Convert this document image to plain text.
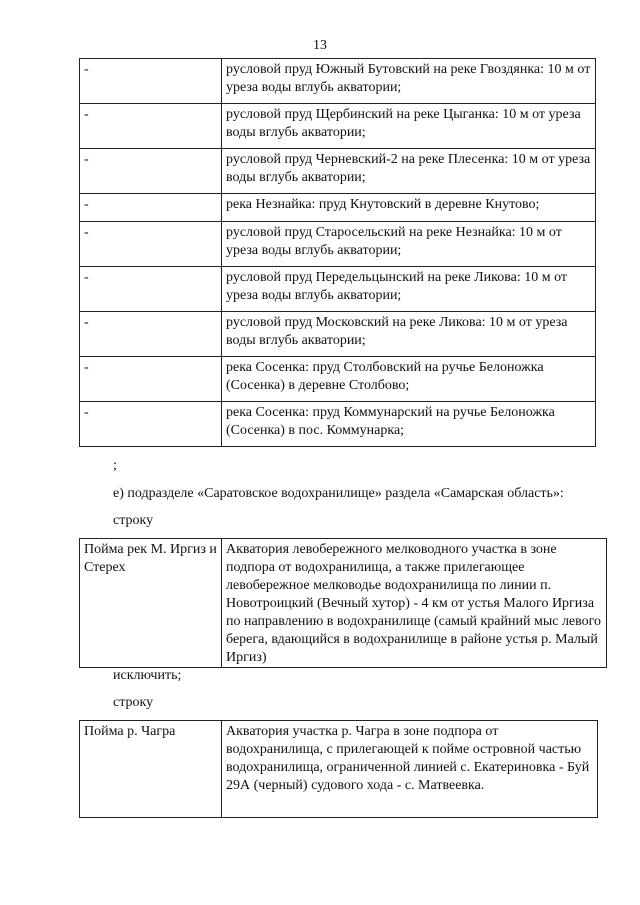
13
-	русловой пруд Южный Бутовский на реке Гвоздянка: 10 м от уреза воды вглубь акватории;
-	русловой пруд Щербинский на реке Цыганка: 10 м от уреза воды вглубь акватории;
-	русловой пруд Черневский-2 на реке Плесенка: 10 м от уреза воды вглубь акватории;
-	река Незнайка: пруд Кнутовский в деревне Кнутово;
-	русловой пруд Старосельский на реке Незнайка: 10 м от уреза воды вглубь акватории;
-	русловой пруд Передельцынский на реке Ликова: 10 м от уреза воды вглубь акватории;
-	русловой пруд Московский на реке Ликова: 10 м от уреза воды вглубь акватории;
-	река Сосенка: пруд Столбовский на ручье Белоножка (Сосенка) в деревне Столбово;
-	река Сосенка: пруд Коммунарский на ручье Белоножка (Сосенка) в пос. Коммунарка;
;
е) подразделе «Саратовское водохранилище» раздела «Самарская область»:
строку
Пойма рек М. Иргиз и Стерех	Акватория левобережного мелководного участка в зоне подпора от водохранилища, а также прилегающее левобережное мелководье водохранилища по линии п. Новотроицкий (Вечный хутор) - 4 км от устья Малого Иргиза по направлению в водохранилище (самый крайний мыс левого берега, вдающийся в водохранилище в районе устья р. Малый Иргиз)
исключить;
строку
Пойма р. Чагра	Акватория участка р. Чагра в зоне подпора от водохранилища, с прилегающей к пойме островной частью водохранилища, ограниченной линией с. Екатериновка - Буй 29А (черный) судового хода - с. Матвеевка.
